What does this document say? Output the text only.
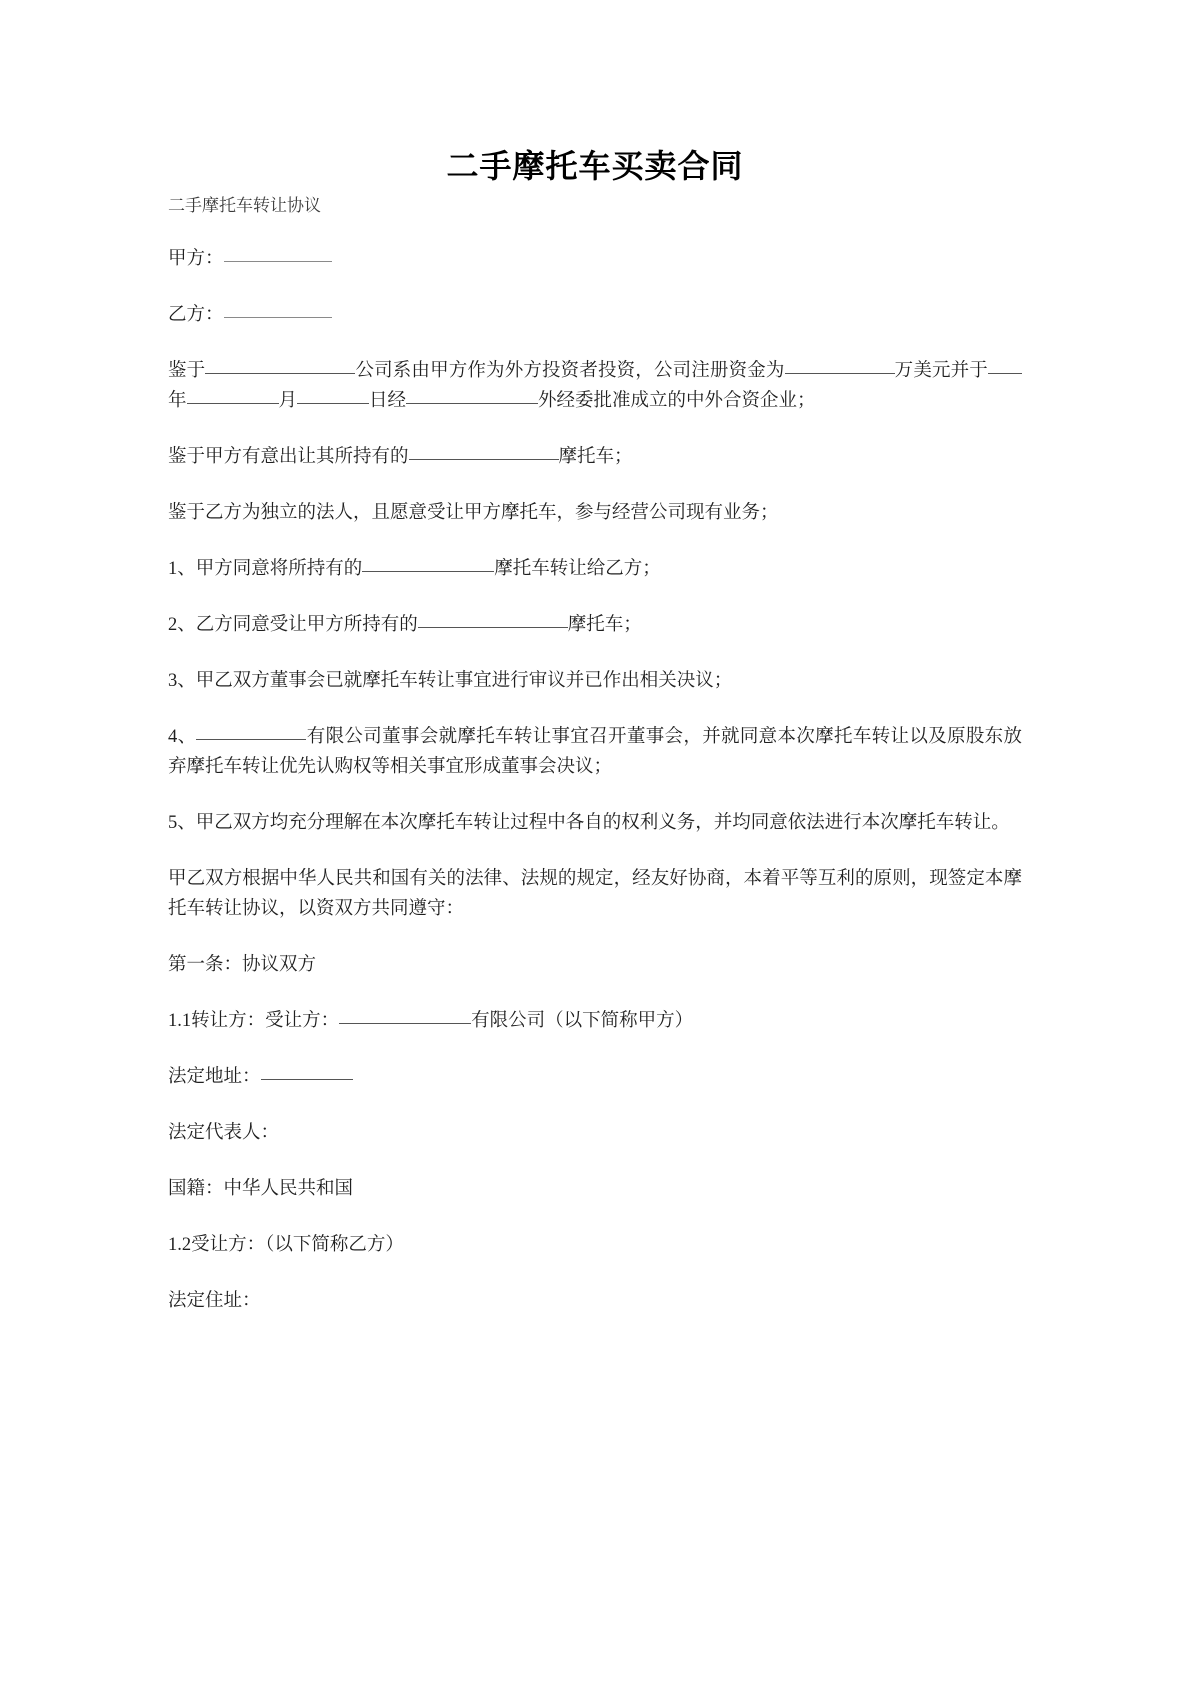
二手摩托车买卖合同

二手摩托车转让协议

甲方：

乙方：

鉴于	公司系由甲方作为外方投资者投资，公司注册资金为	万美元并于年	月	日经	外经委批准成立的中外合资企业；

鉴于甲方有意出让其所持有的	摩托车；

鉴于乙方为独立的法人，且愿意受让甲方摩托车，参与经营公司现有业务；

1、甲方同意将所持有的	摩托车转让给乙方；

2、乙方同意受让甲方所持有的	摩托车；

3、甲乙双方董事会已就摩托车转让事宜进行审议并已作出相关决议；

4、	有限公司董事会就摩托车转让事宜召开董事会，并就同意本次摩托车转让以及原股东放弃摩托车转让优先认购权等相关事宜形成董事会决议；

5、甲乙双方均充分理解在本次摩托车转让过程中各自的权利义务，并均同意依法进行本次摩托车转让。

甲乙双方根据中华人民共和国有关的法律、法规的规定，经友好协商，本着平等互利的原则，现签定本摩托车转让协议，以资双方共同遵守：

第一条：协议双方

1.1转让方：受让方：	有限公司（以下简称甲方）

法定地址：

法定代表人：

国籍：中华人民共和国

1.2受让方：（以下简称乙方）

法定住址：
